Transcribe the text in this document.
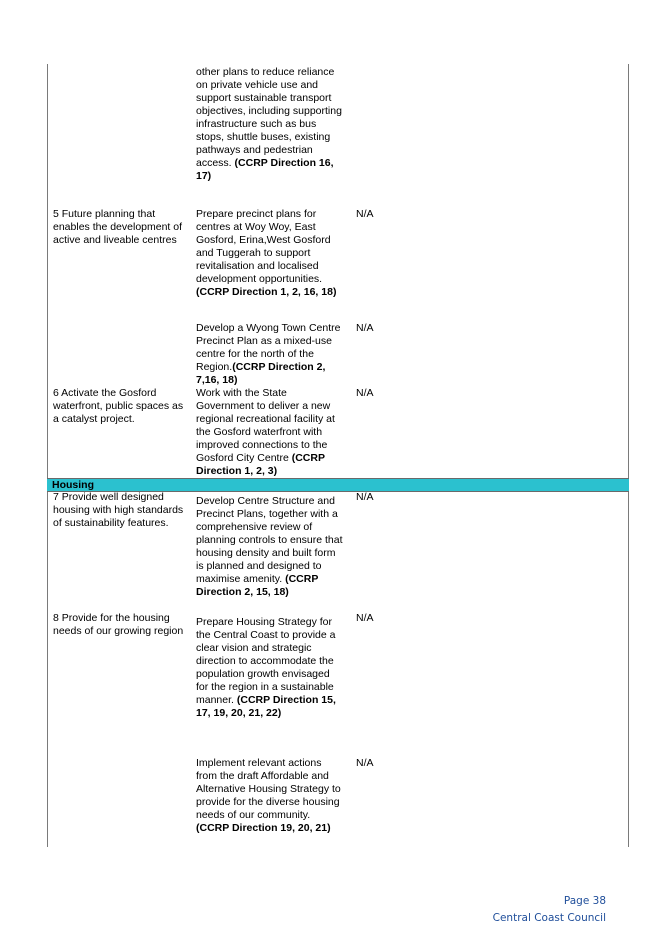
other plans to reduce reliance on private vehicle use and support sustainable transport objectives, including supporting infrastructure such as bus stops, shuttle buses, existing pathways and pedestrian access. (CCRP Direction 16, 17)
5 Future planning that enables the development of active and liveable centres
Prepare precinct plans for centres at Woy Woy, East Gosford, Erina,West Gosford and Tuggerah to support revitalisation and localised development opportunities. (CCRP Direction 1, 2, 16, 18)
N/A
Develop a Wyong Town Centre Precinct Plan as a mixed-use centre for the north of the Region.(CCRP Direction 2, 7,16, 18)
N/A
6 Activate the Gosford waterfront, public spaces as a catalyst project.
Work with the State Government to deliver a new regional recreational facility at the Gosford waterfront with improved connections to the Gosford City Centre (CCRP Direction 1, 2, 3)
N/A
Housing
7 Provide well designed housing with high standards of sustainability features.
Develop Centre Structure and Precinct Plans, together with a comprehensive review of planning controls to ensure that housing density and built form is planned and designed to maximise amenity. (CCRP Direction 2, 15, 18)
N/A
8 Provide for the housing needs of our growing region
Prepare Housing Strategy for the Central Coast to provide a clear vision and strategic direction to accommodate the population growth envisaged for the region in a sustainable manner. (CCRP Direction 15, 17, 19, 20, 21, 22)
N/A
Implement relevant actions from the draft Affordable and Alternative Housing Strategy to provide for the diverse housing needs of our community. (CCRP Direction 19, 20, 21)
N/A
Page 38
Central Coast Council
